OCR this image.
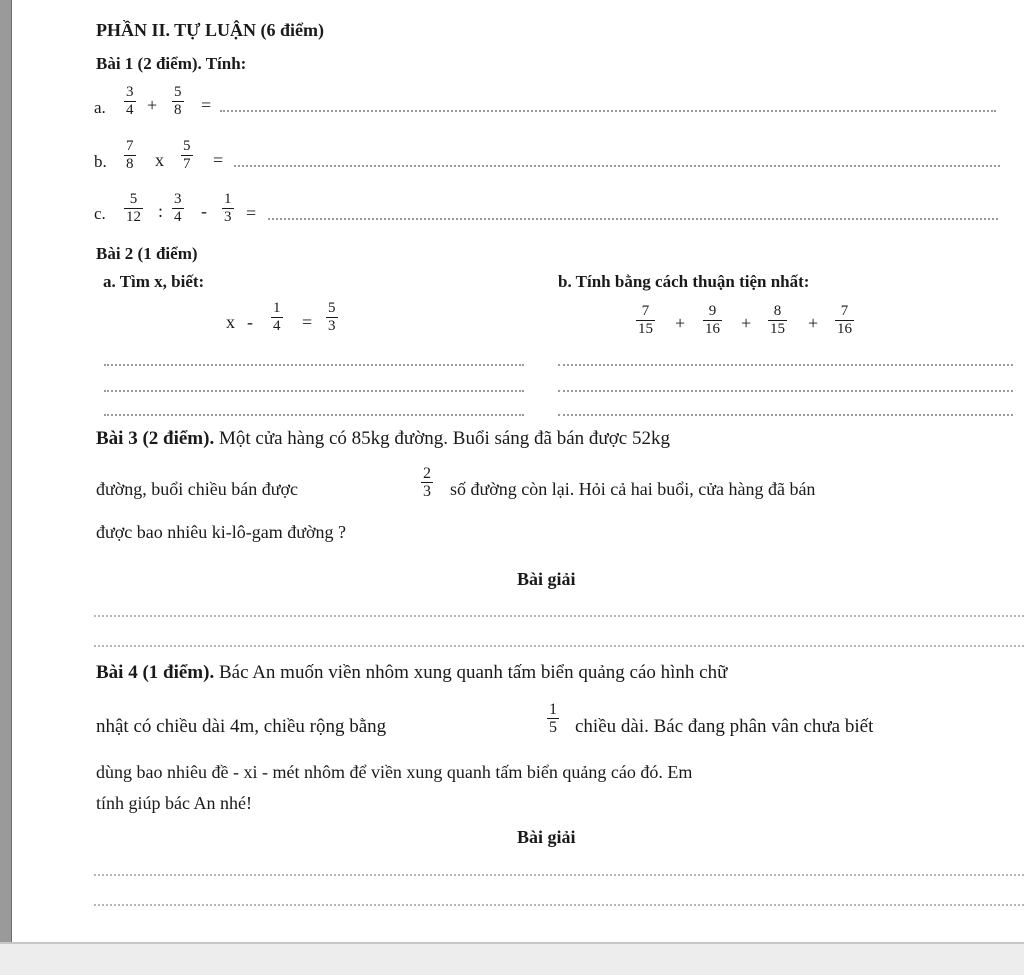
PHẦN II. TỰ LUẬN (6 điểm)
Bài 1 (2 điểm). Tính:
a.
3
4 +
5
8 =
b.
7
8 x
5
7 =
c.
5
12 :
3
4 -
1
3 =
Bài 2 (1 điểm)
a. Tìm x, biết:	b. Tính bằng cách thuận tiện nhất:
x -
1
4 =
5
3
7
15 +
9
16 +
8
15 +
7
16
Bài 3 (2 điểm). Một cửa hàng có 85kg đường. Buổi sáng đã bán được 52kg
đường, buổi chiều bán được
2
3 số đường còn lại. Hỏi cả hai buổi, cửa hàng đã bán
được bao nhiêu ki-lô-gam đường ?
Bài giải
Bài 4 (1 điểm). Bác An muốn viền nhôm xung quanh tấm biển quảng cáo hình chữ
nhật có chiều dài 4m, chiều rộng bằng
1
5 chiều dài. Bác đang phân vân chưa biết
dùng bao nhiêu đề - xi - mét nhôm để viền xung quanh tấm biển quảng cáo đó. Em
tính giúp bác An nhé!
Bài giải
